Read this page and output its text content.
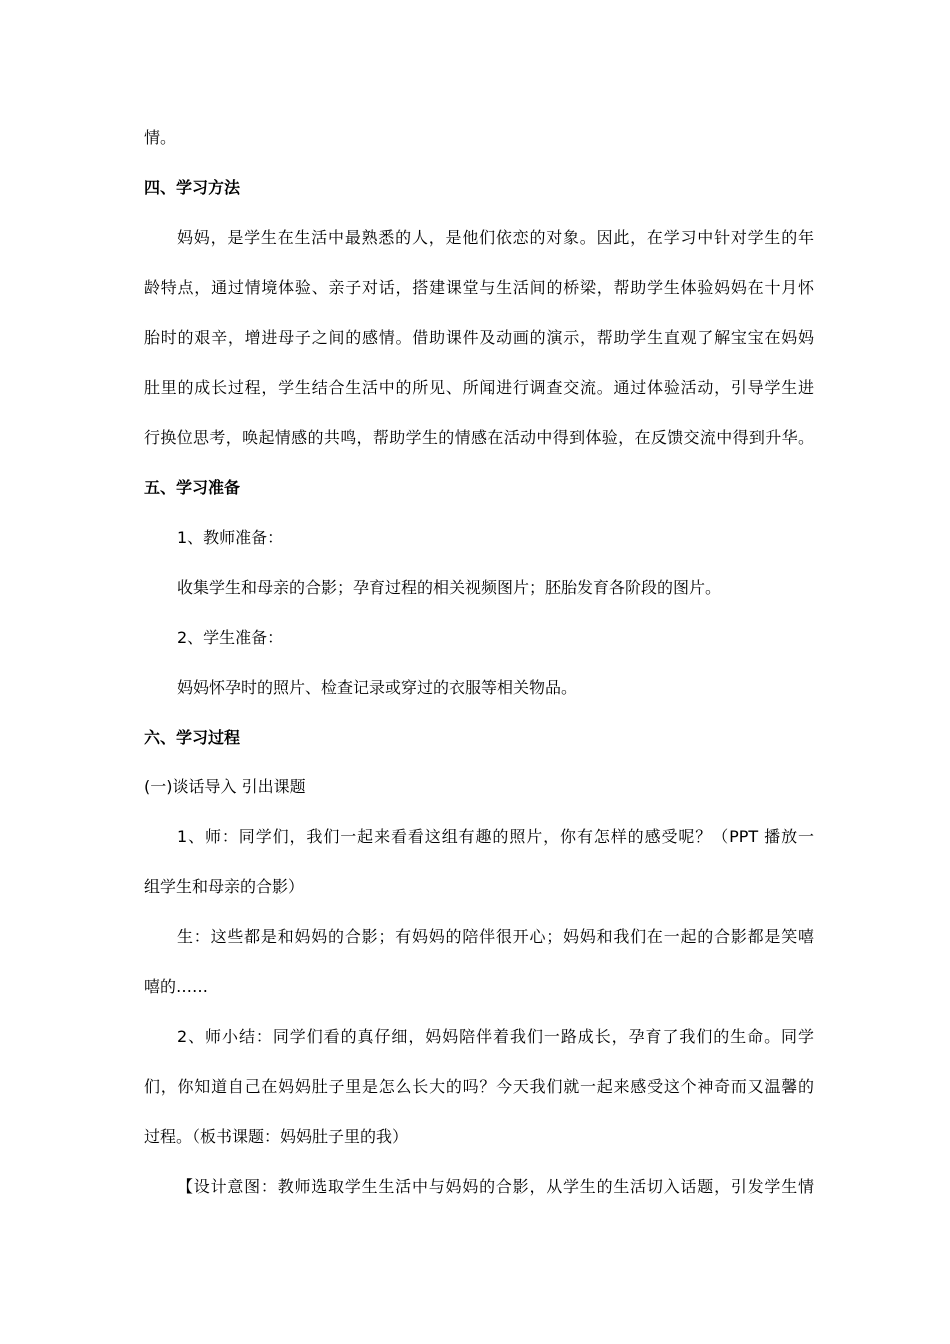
情。
四、学习方法
妈妈，是学生在生活中最熟悉的人，是他们依恋的对象。因此，在学习中针对学生的年
龄特点，通过情境体验、亲子对话，搭建课堂与生活间的桥梁，帮助学生体验妈妈在十月怀
胎时的艰辛，增进母子之间的感情。借助课件及动画的演示，帮助学生直观了解宝宝在妈妈
肚里的成长过程，学生结合生活中的所见、所闻进行调查交流。通过体验活动，引导学生进
行换位思考，唤起情感的共鸣，帮助学生的情感在活动中得到体验，在反馈交流中得到升华。
五、学习准备
1、教师准备：
收集学生和母亲的合影；孕育过程的相关视频图片；胚胎发育各阶段的图片。
2、学生准备：
妈妈怀孕时的照片、检查记录或穿过的衣服等相关物品。
六、学习过程
(一)谈话导入 引出课题
1、师：同学们，我们一起来看看这组有趣的照片，你有怎样的感受呢？（PPT 播放一
组学生和母亲的合影）
生：这些都是和妈妈的合影；有妈妈的陪伴很开心；妈妈和我们在一起的合影都是笑嘻
嘻的……
2、师小结：同学们看的真仔细，妈妈陪伴着我们一路成长，孕育了我们的生命。同学
们，你知道自己在妈妈肚子里是怎么长大的吗？今天我们就一起来感受这个神奇而又温馨的
过程。（板书课题：妈妈肚子里的我）
【设计意图：教师选取学生生活中与妈妈的合影，从学生的生活切入话题，引发学生情
